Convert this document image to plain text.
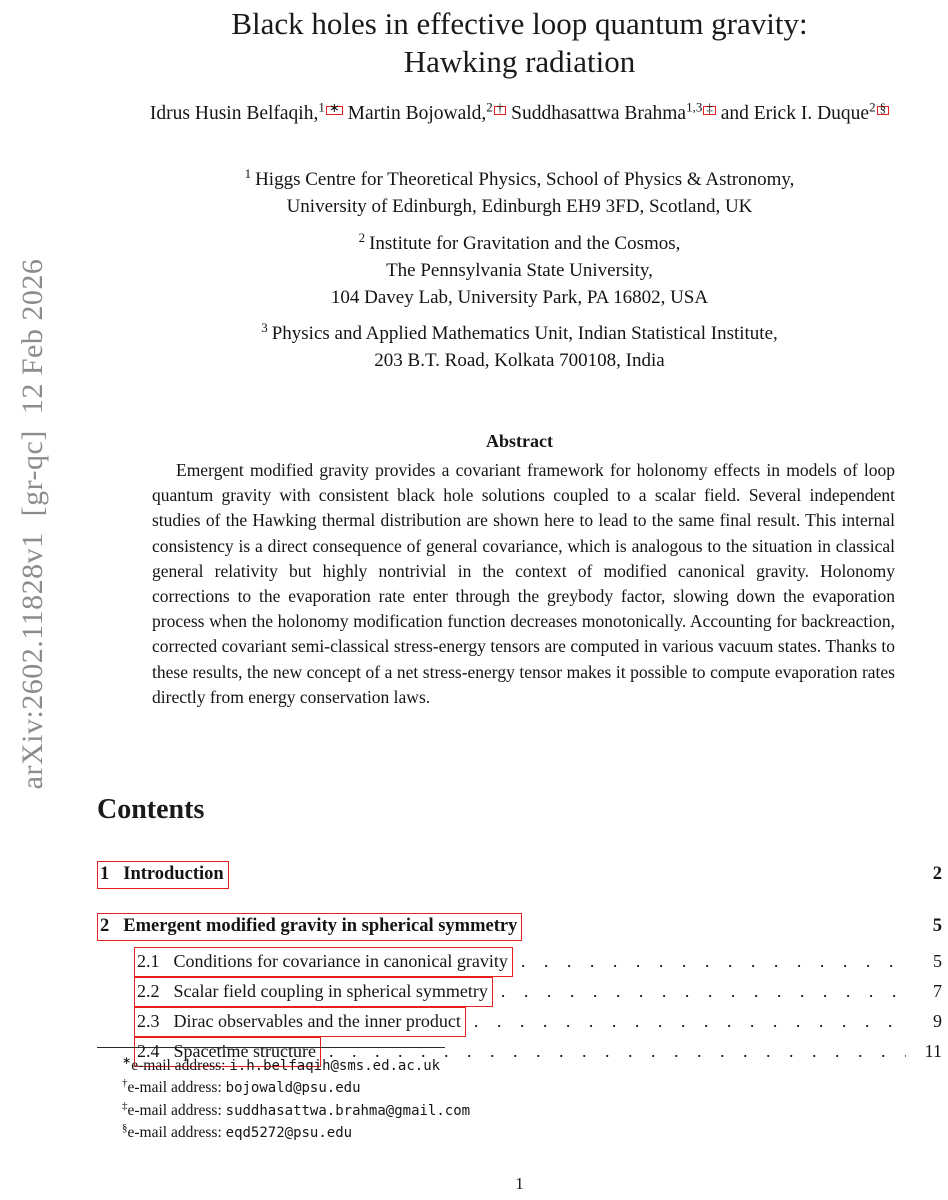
arXiv:2602.11828v1  [gr-qc]  12 Feb 2026
Black holes in effective loop quantum gravity:
Hawking radiation
Idrus Husin Belfaqih,$^1$ ∗ Martin Bojowald,$^2$ † Suddhasattwa Brahma$^{1,3}$ ‡ and Erick I. Duque$^2$ §
$^1$ Higgs Centre for Theoretical Physics, School of Physics & Astronomy,
University of Edinburgh, Edinburgh EH9 3FD, Scotland, UK
$^2$ Institute for Gravitation and the Cosmos,
The Pennsylvania State University,
104 Davey Lab, University Park, PA 16802, USA
$^3$ Physics and Applied Mathematics Unit, Indian Statistical Institute,
203 B.T. Road, Kolkata 700108, India
Abstract
Emergent modified gravity provides a covariant framework for holonomy effects in models of loop quantum gravity with consistent black hole solutions coupled to a scalar field. Several independent studies of the Hawking thermal distribution are shown here to lead to the same final result. This internal consistency is a direct consequence of general covariance, which is analogous to the situation in classical general relativity but highly nontrivial in the context of modified canonical gravity. Holonomy corrections to the evaporation rate enter through the greybody factor, slowing down the evaporation process when the holonomy modification function decreases monotonically. Accounting for backreaction, corrected covariant semi-classical stress-energy tensors are computed in various vacuum states. Thanks to these results, the new concept of a net stress-energy tensor makes it possible to compute evaporation rates directly from energy conservation laws.
Contents
1 Introduction	2
2 Emergent modified gravity in spherical symmetry	5
2.1 Conditions for covariance in canonical gravity . . .	5
2.2 Scalar field coupling in spherical symmetry . . .	7
2.3 Dirac observables and the inner product . . .	9
2.4 Spacetime structure . . .	11
∗e-mail address: i.h.belfaqih@sms.ed.ac.uk
†e-mail address: bojowald@psu.edu
‡e-mail address: suddhasattwa.brahma@gmail.com
§e-mail address: eqd5272@psu.edu
1
